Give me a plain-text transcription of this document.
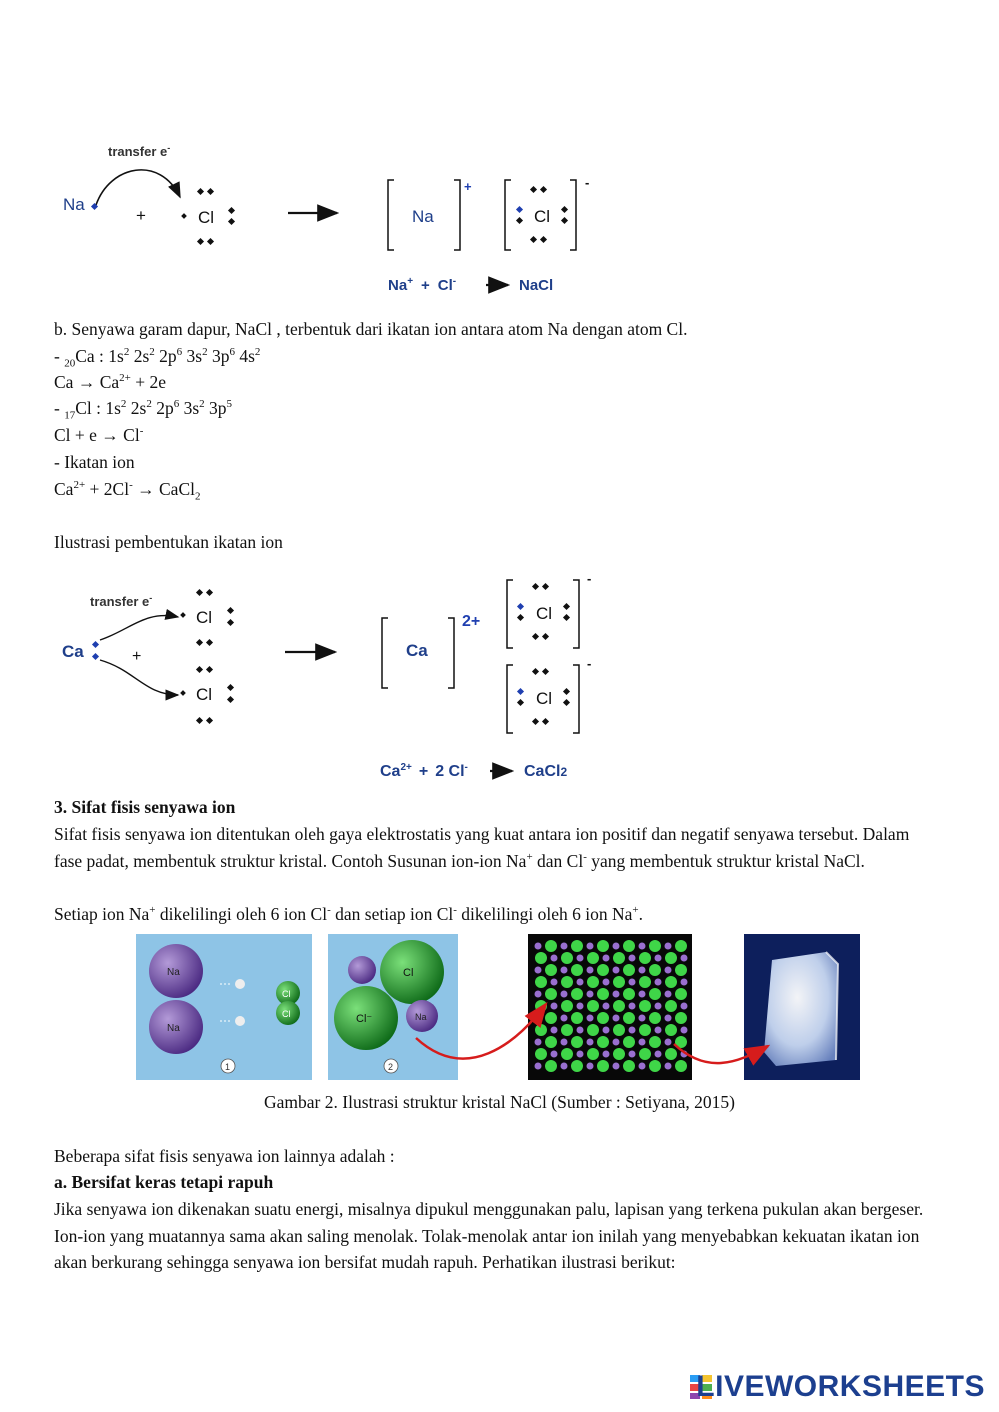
transfer e-
Na
+	Cl	Na
+
Cl
-
Na+ + Cl-	NaCl
b. Senyawa garam dapur, NaCl , terbentuk dari ikatan ion antara atom Na dengan atom Cl.
- $_{20}$Ca : $1s^2$ $2s^2$ $2p^6$ $3s^2$ $3p^6$ $4s^2$
$Ca \to Ca^{2+} + 2e$
- $_{17}$Cl : $1s^2$ $2s^2$ $2p^6$ $3s^2$ $3p^5$
Cl + e → Cl-
- Ikatan ion
$Ca^{2+} + 2Cl^-$ → CaCl$_2$
Ilustrasi pembentukan ikatan ion
transfer e-
Ca	+
Cl
Cl
Ca
2+	Cl
-
Cl
-
$Ca^{2+} + 2$ Cl-	CaCl2
3. Sifat fisis senyawa ion
Sifat fisis senyawa ion ditentukan oleh gaya elektrostatis yang kuat antara ion positif dan negatif senyawa tersebut. Dalam fase padat, membentuk struktur kristal. Contoh Susunan ion-ion Na+ dan Cl- yang membentuk struktur kristal NaCl.
Setiap ion Na+ dikelilingi oleh 6 ion Cl- dan setiap ion Cl- dikelilingi oleh 6 ion Na+.
Na
Na
Cl
Cl
1
Cl
Cl⁻	Na
2
Gambar 2. Ilustrasi struktur kristal NaCl (Sumber : Setiyana, 2015)
Beberapa sifat fisis senyawa ion lainnya adalah :
a. Bersifat keras tetapi rapuh
Jika senyawa ion dikenakan suatu energi, misalnya dipukul menggunakan palu, lapisan yang terkena pukulan akan bergeser. Ion-ion yang muatannya sama akan saling menolak. Tolak-menolak antar ion inilah yang menyebabkan kekuatan ikatan ion akan berkurang sehingga senyawa ion bersifat mudah rapuh. Perhatikan ilustrasi berikut:
LIVEWORKSHEETS
